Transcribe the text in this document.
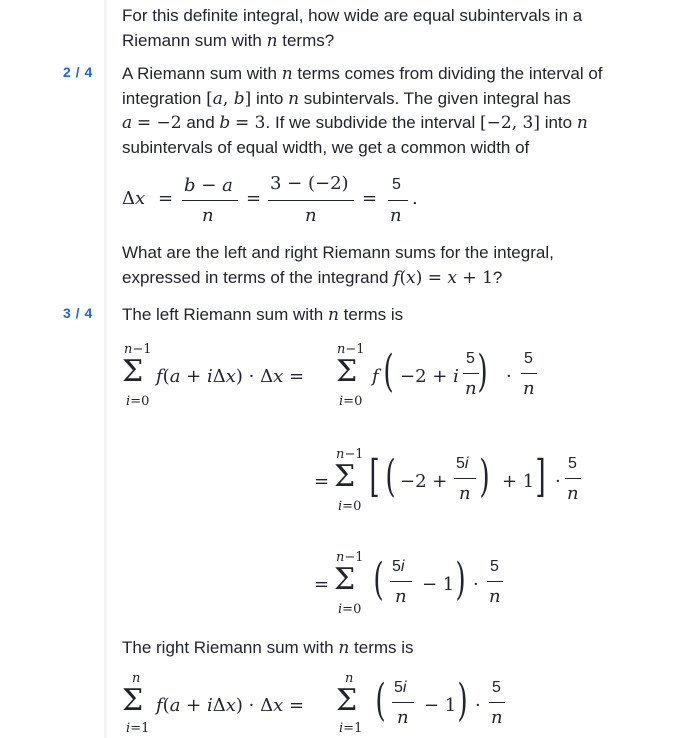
For this definite integral, how wide are equal subintervals in a
Riemann sum with n terms?
2 / 4 A Riemann sum with n terms comes from dividing the interval of
integration [a, b] into n subintervals. The given integral has
a = −2 and b = 3. If we subdivide the interval [−2, 3] into n
subintervals of equal width, we get a common width of
Δx =
b − a
n
=
3 − (−2)
n
=
5
n
.
What are the left and right Riemann sums for the integral,
expressed in terms of the integrand f(x) = x + 1?
3 / 4 The left Riemann sum with n terms is
n−1
Σ
i=0
f(a + iΔx) · Δx =
n−1
Σ
i=0
f ( −2 + i
5
n ) ·
5
n
=
n−1
Σ
i=0
[ ( −2 +
5i
n ) + 1 ] ·
5
n
=
n−1
Σ
i=0
( 5i
n
− 1 ) ·
5
n
The right Riemann sum with n terms is
n
Σ
i=1
f(a + iΔx) · Δx =
n
Σ
i=1
( 5i
n
− 1 ) ·
5
n
